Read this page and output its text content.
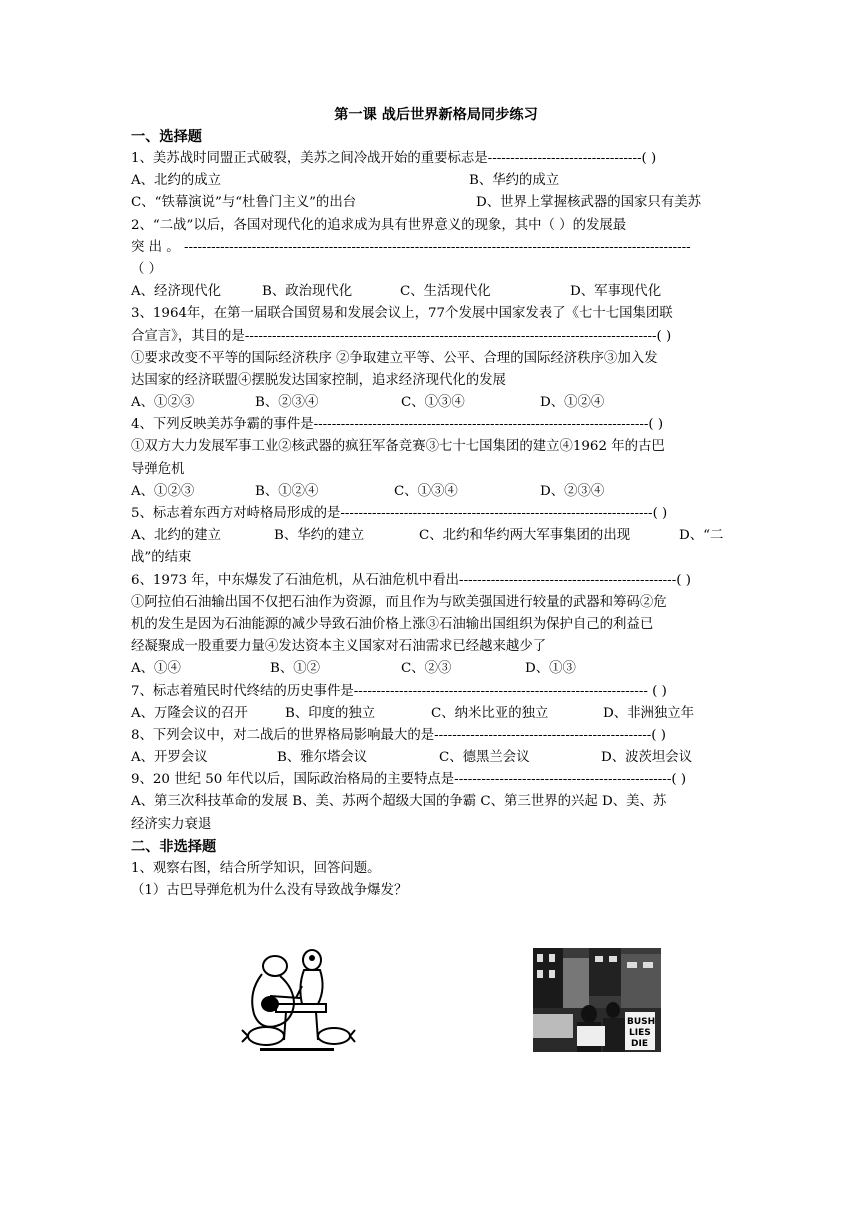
第一课 战后世界新格局同步练习
一、选择题
1、美苏战时同盟正式破裂，美苏之间冷战开始的重要标志是----------------------------------( )
A、北约的成立	B、华约的成立
C、“铁幕演说”与“杜鲁门主义”的出台	D、世界上掌握核武器的国家只有美苏
2、“二战”以后，各国对现代化的追求成为具有世界意义的现象，其中（ ）的发展最
突 出 。 ----------------------------------------------------------------------------------------------------------------
（ ）
A、经济现代化	B、政治现代化	C、生活现代化	D、军事现代化
3、1964年，在第一届联合国贸易和发展会议上，77个发展中国家发表了《七十七国集团联
合宣言》，其目的是-------------------------------------------------------------------------------------------( )
①要求改变不平等的国际经济秩序 ②争取建立平等、公平、合理的国际经济秩序③加入发
达国家的经济联盟④摆脱发达国家控制，追求经济现代化的发展
A、①②③	B、②③④	C、①③④	D、①②④
4、下列反映美苏争霸的事件是--------------------------------------------------------------------------( )
①双方大力发展军事工业②核武器的疯狂军备竞赛③七十七国集团的建立④1962 年的古巴
导弹危机
A、①②③	B、①②④	C、①③④	D、②③④
5、标志着东西方对峙格局形成的是---------------------------------------------------------------------( )
A、北约的建立	B、华约的建立	C、北约和华约两大军事集团的出现	D、“二
战”的结束
6、1973 年，中东爆发了石油危机，从石油危机中看出------------------------------------------------( )
①阿拉伯石油输出国不仅把石油作为资源，而且作为与欧美强国进行较量的武器和筹码②危
机的发生是因为石油能源的减少导致石油价格上涨③石油输出国组织为保护自己的利益已
经凝聚成一股重要力量④发达资本主义国家对石油需求已经越来越少了
A、①④	B、①②	C、②③	D、①③
7、标志着殖民时代终结的历史事件是----------------------------------------------------------------- ( )
A、万隆会议的召开	B、印度的独立	C、纳米比亚的独立	D、非洲独立年
8、下列会议中，对二战后的世界格局影响最大的是------------------------------------------------( )
A、开罗会议	B、雅尔塔会议	C、德黑兰会议	D、波茨坦会议
9、20 世纪 50 年代以后，国际政治格局的主要特点是------------------------------------------------( )
A、第三次科技革命的发展 B、美、苏两个超级大国的争霸 C、第三世界的兴起 D、美、苏
经济实力衰退
二、非选择题
1、观察右图，结合所学知识，回答问题。
（1）古巴导弹危机为什么没有导致战争爆发？
BUSH
LIES
DIE
